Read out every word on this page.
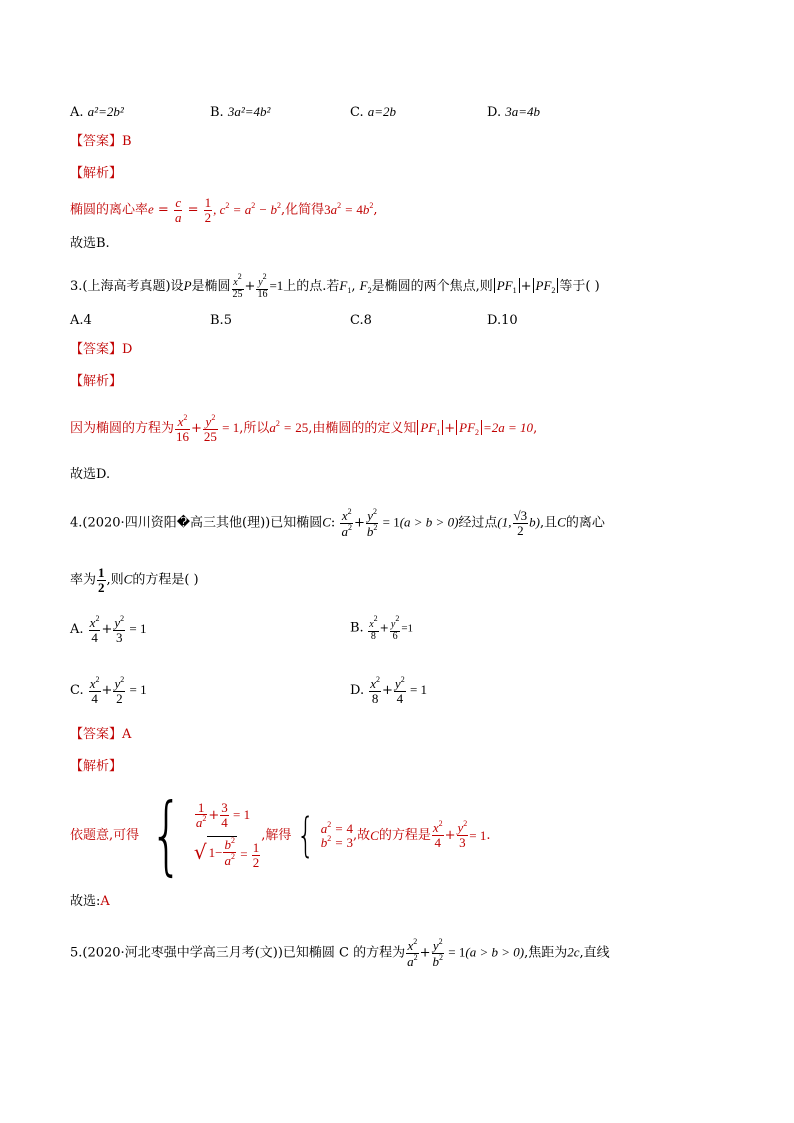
A. a²=2b²	B. 3a²=4b²	C. a=2b	D. 3a=4b
【答案】B
【解析】
椭圆的离心率$e = \frac{c}{a} = \frac{1}{2}$ , $c^2 = a^2 - b^2$,化简得$3a^2 = 4b^2$,
故选B.
3.(上海高考真题)设P是椭圆 $\frac{x^2}{25} + \frac{y^2}{16} =1$上的点.若$F_1$, $F_2$是椭圆的两个焦点,则 $PF_1 + PF_2$ 等于( )
A.4	B.5	C.8	D.10
【答案】D
【解析】
因为椭圆的方程为 $\frac{x^2}{16} + \frac{y^2}{25} = 1$,所以$a^2 = 25$,由椭圆的的定义知 $PF_1 + PF_2 =2a = 10$,
故选D.
4.(2020·四川资阳�高三其他(理))已知椭圆C: $\frac{x^2}{a^2} + \frac{y^2}{b^2} = 1(a > b > 0)$经过点(1, $\frac{√3}{2} b$),且C的离心
率为 $\frac{1}{2}$ ,则C的方程是( )
A. $\frac{x^2}{4} + \frac{y^2}{3} = 1$	B. $\frac{x^2}{8} + \frac{y^2}{6} =1$
C. $\frac{x^2}{4} + \frac{y^2}{2} = 1$	D. $\frac{x^2}{8} + \frac{y^2}{4} = 1$
【答案】A
【解析】
依题意,可得 { $\frac{1}{a^2} + \frac{3}{4} = 1$
√ $1- \frac{b^2}{a^2} = \frac{1}{2}$
,解得 { $a^2 = 4$
$b^2 = 3$ ,故 C 的方程是 $\frac{x^2}{4} + \frac{y^2}{3} = 1$ .
故选:A
5.(2020·河北枣强中学高三月考(文))已知椭圆 C 的方程为 $\frac{x^2}{a^2} + \frac{y^2}{b^2} = 1(a > b > 0)$,焦距为2c,直线
